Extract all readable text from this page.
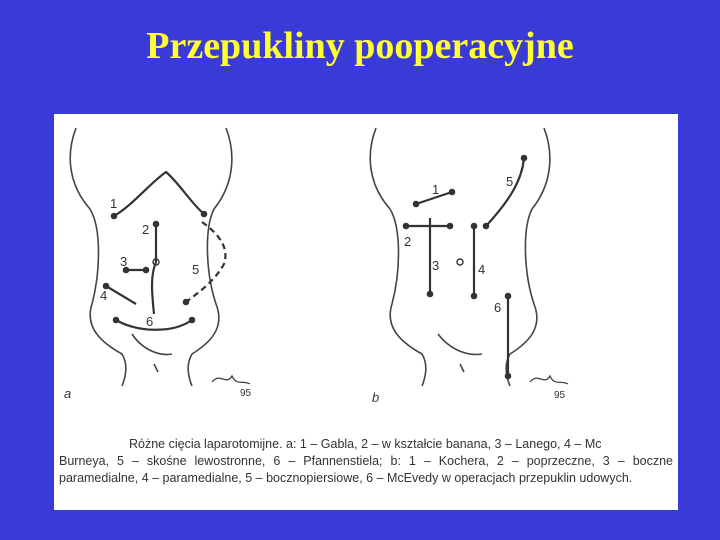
Przepukliny pooperacyjne
1
2
3
4
5
6
a	95
1
2
3	4
5
6
b	95
Różne cięcia laparotomijne. a: 1 – Gabla, 2 – w kształcie banana, 3 – Lanego, 4 – Mc
Burneya, 5 – skośne lewostronne, 6 – Pfannenstiela; b: 1 – Kochera, 2 – poprzeczne, 3 – boczne paramedialne, 4 – paramedialne, 5 – bocznopiersiowe, 6 – McEvedy w operacjach przepuklin udowych.
